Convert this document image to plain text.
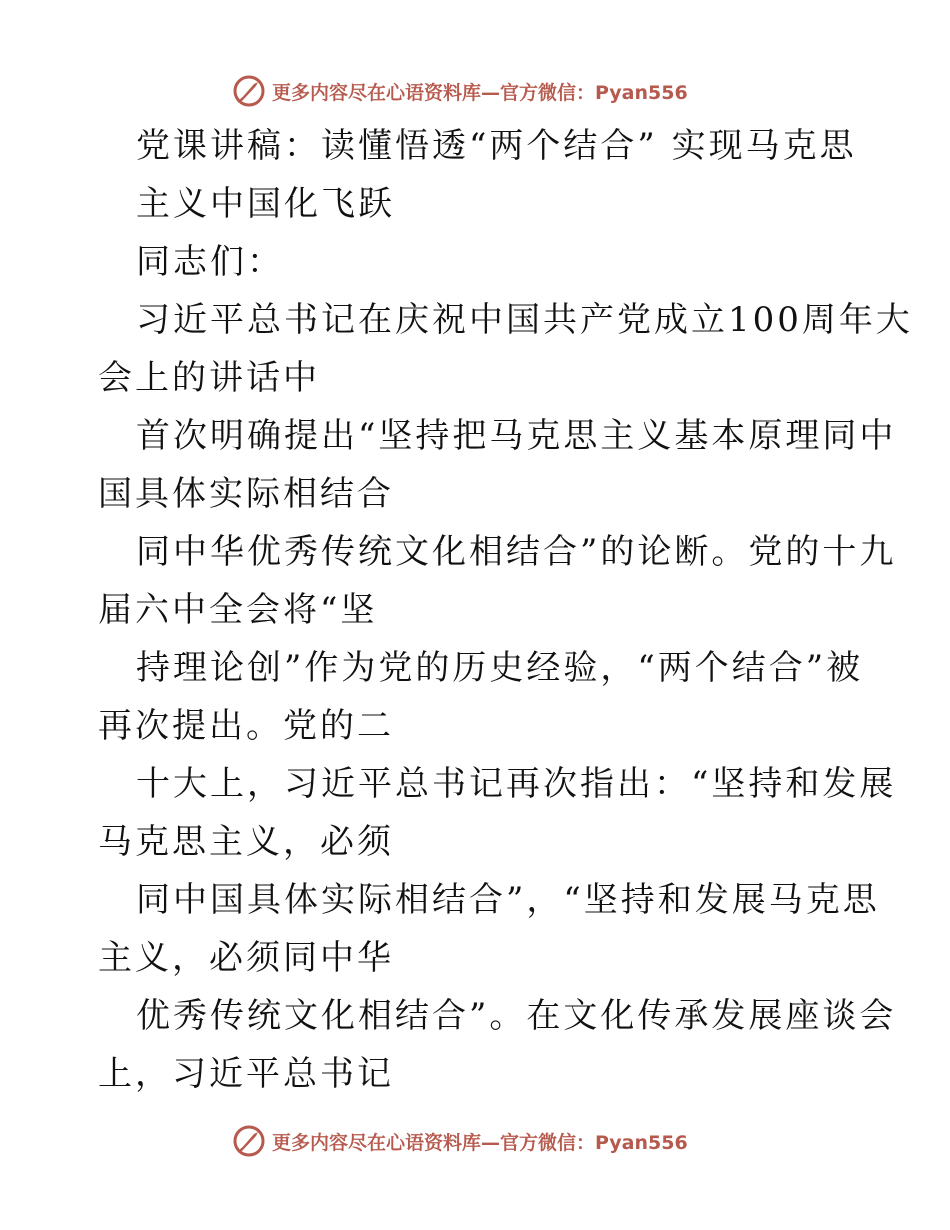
更多内容尽在心语资料库—官方微信：Pyan556
党课讲稿：读懂悟透“两个结合” 实现马克思
主义中国化飞跃
同志们：
习近平总书记在庆祝中国共产党成立100周年大
会上的讲话中
首次明确提出“坚持把马克思主义基本原理同中
国具体实际相结合
同中华优秀传统文化相结合”的论断。党的十九
届六中全会将“坚
持理论创”作为党的历史经验，“两个结合”被
再次提出。党的二
十大上，习近平总书记再次指出：“坚持和发展
马克思主义，必须
同中国具体实际相结合”，“坚持和发展马克思
主义，必须同中华
优秀传统文化相结合”。在文化传承发展座谈会
上，习近平总书记
更多内容尽在心语资料库—官方微信：Pyan556
